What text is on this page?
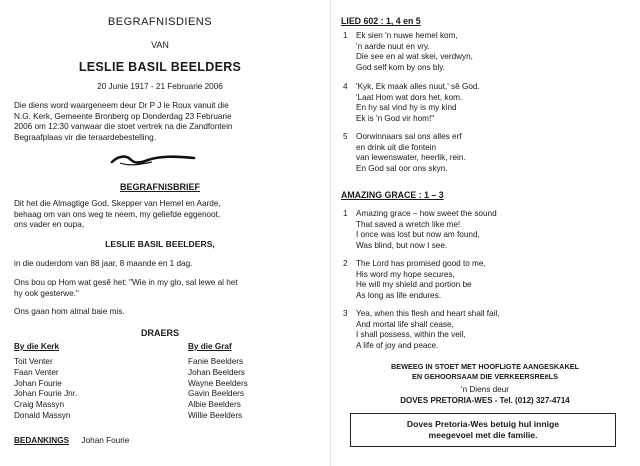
BEGRAFNISDIENS
VAN
LESLIE BASIL BEELDERS
20 Junie 1917 - 21 Februarie 2006
Die diens word waargeneem deur Dr P J le Roux vanuit die
N.G. Kerk, Gemeente Bronberg op Donderdag 23 Februarie
2006 om 12:30 vanwaar die stoet vertrek na die Zandfontein
Begraafplaas vir die teraardebestelling.
BEGRAFNISBRIEF
Dit het die Almagtige God, Skepper van Hemel en Aarde,
behaag om van ons weg te neem, my geliefde eggenoot,
ons vader en oupa,
LESLIE BASIL BEELDERS,
in die ouderdom van 88 jaar, 8 maande en 1 dag.
Ons bou op Hom wat gesê het: "Wie in my glo, sal lewe al het
hy ook gesterwe."
Ons gaan hom almal baie mis.
DRAERS
By die Kerk
Toit Venter
Faan Venter
Johan Fourie
Johan Fourie Jnr.
Craig Massyn
Donald Massyn
By die Graf
Fanie Beelders
Johan Beelders
Wayne Beelders
Gavin Beelders
Albie Beelders
Willie Beelders
BEDANKINGS Johan Fourie
LIED 602 : 1, 4 en 5
1 Ek sien 'n nuwe hemel kom,
'n aarde nuut en vry.
Die see en al wat skei, verdwyn,
God self kom by ons bly.
4 'Kyk, Ek maak alles nuut,' sê God.
'Laat Hom wat dors het, kom.
En hy sal vind hy is my kind
Ek is 'n God vir hom!"
5 Oorwinnaars sal ons alles erf
en drink uit die fontein
van lewenswater, heerlik, rein.
En God sal oor ons skyn.
AMAZING GRACE : 1 – 3
1 Amazing grace – how sweet the sound
That saved a wretch like me!
I once was lost but now am found,
Was blind, but now I see.
2 The Lord has promised good to me,
His word my hope secures,
He will my shield and portion be
As long as life endures.
3 Yea, when this flesh and heart shall fail,
And mortal life shall cease,
I shall possess, within the veil,
A life of joy and peace.
BEWEEG IN STOET MET HOOFLIGTE AANGESKAKEL
EN GEHOORSAAM DIE VERKEERSREëLS
'n Diens deur
DOVES PRETORIA-WES - Tel. (012) 327-4714
Doves Pretoria-Wes betuig hul innige
meegevoel met die familie.
